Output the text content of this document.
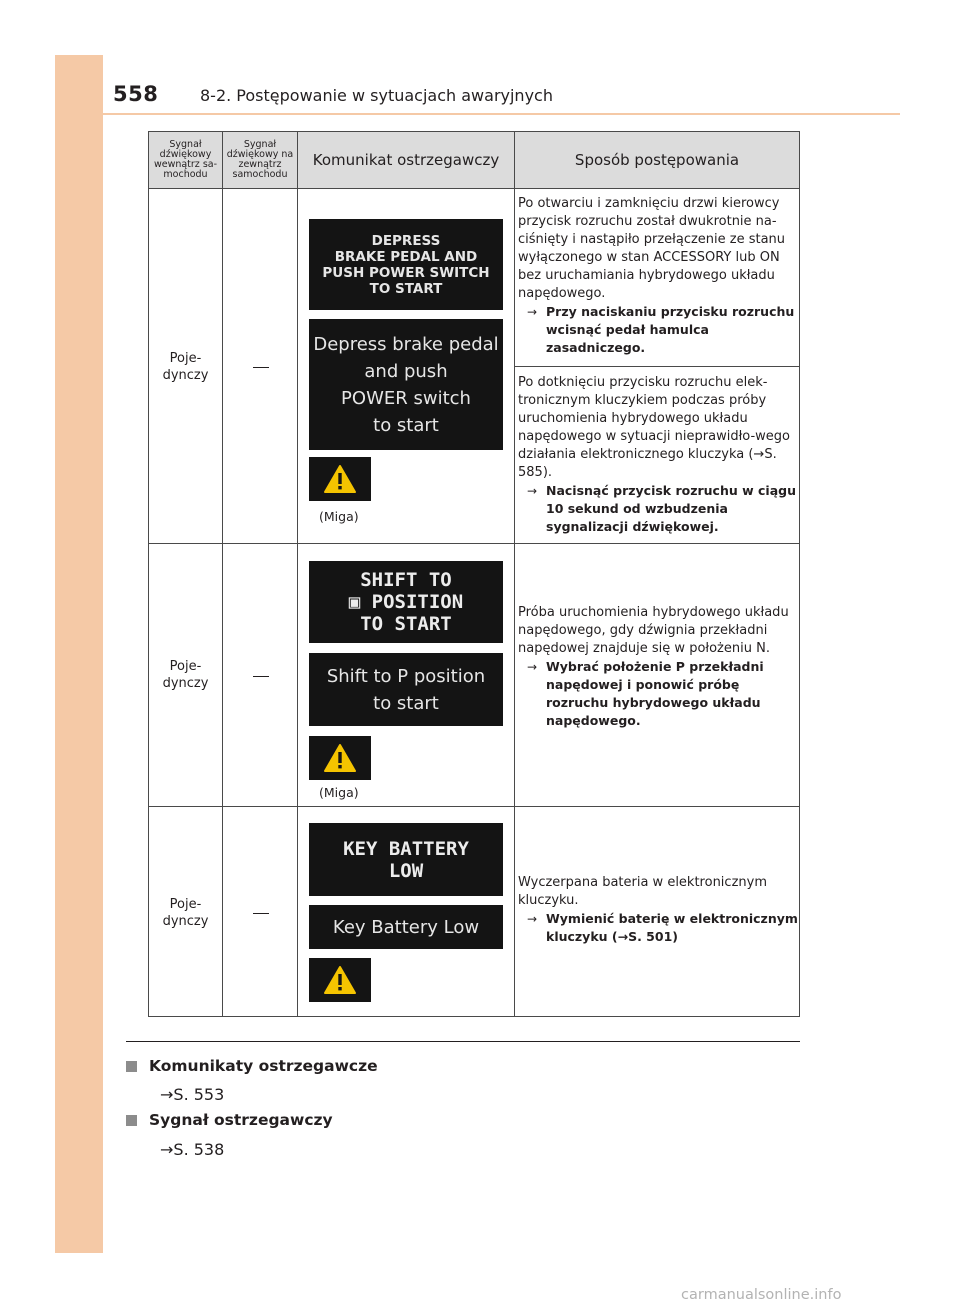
558	8-2. Postępowanie w sytuacjach awaryjnych
Sygnał dźwiękowy wewnątrz sa-mochodu
Sygnał dźwiękowy na zewnątrz samochodu
Komunikat ostrzegawczy	Sposób postępowania
Poje-
dynczy
DEPRESS
BRAKE PEDAL AND
PUSH POWER SWITCH
TO START
Depress brake pedal
and push
POWER switch
to start
(Miga)

Po otwarciu i zamknięciu drzwi kierowcy przycisk rozruchu został dwukrotnie na-ciśnięty i nastąpiło przełączenie ze stanu wyłączonego w stan ACCESSORY lub ON bez uruchamiania hybrydowego układu napędowego.

→ Przy naciskaniu przycisku rozruchu wcisnąć pedał hamulca zasadniczego.

Po dotknięciu przycisku rozruchu elek-tronicznym kluczykiem podczas próby uruchomienia hybrydowego układu napędowego w sytuacji nieprawidło-wego działania elektronicznego kluczyka (→S. 585).

→ Nacisnąć przycisk rozruchu w ciągu 10 sekund od wzbudzenia sygnalizacji dźwiękowej.
Poje-
dynczy
SHIFT TO
▣ POSITION
TO START
Shift to P position
to start
(Miga)

Próba uruchomienia hybrydowego układu napędowego, gdy dźwignia przekładni napędowej znajduje się w położeniu N.

→ Wybrać położenie P przekładni napędowej i ponowić próbę rozruchu hybrydowego układu napędowego.
Poje-
dynczy
KEY BATTERY
LOW
Key Battery Low

Wyczerpana bateria w elektronicznym kluczyku.

→ Wymienić baterię w elektronicznym kluczyku (→S. 501)
Komunikaty ostrzegawcze
→S. 553
Sygnał ostrzegawczy
→S. 538
carmanualsonline.info
